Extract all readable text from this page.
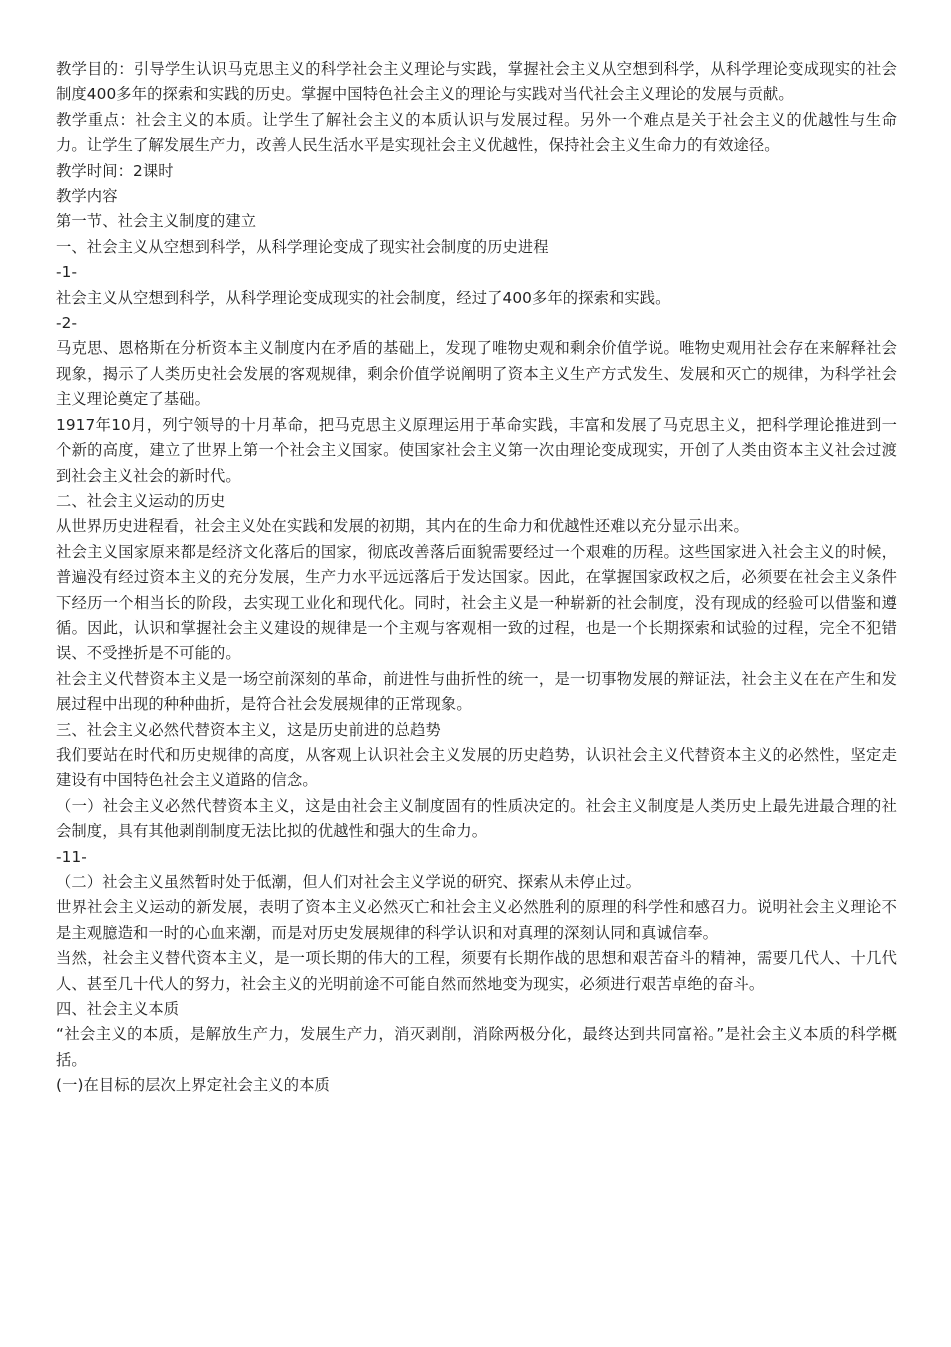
教学目的：引导学生认识马克思主义的科学社会主义理论与实践，掌握社会主义从空想到科学，从科学理论变成现实的社会制度400多年的探索和实践的历史。掌握中国特色社会主义的理论与实践对当代社会主义理论的发展与贡献。

教学重点：社会主义的本质。让学生了解社会主义的本质认识与发展过程。另外一个难点是关于社会主义的优越性与生命力。让学生了解发展生产力，改善人民生活水平是实现社会主义优越性，保持社会主义生命力的有效途径。

教学时间：2课时

教学内容

第一节、社会主义制度的建立

一、社会主义从空想到科学，从科学理论变成了现实社会制度的历史进程

-1-

社会主义从空想到科学，从科学理论变成现实的社会制度，经过了400多年的探索和实践。

-2-

马克思、恩格斯在分析资本主义制度内在矛盾的基础上，发现了唯物史观和剩余价值学说。唯物史观用社会存在来解释社会现象，揭示了人类历史社会发展的客观规律，剩余价值学说阐明了资本主义生产方式发生、发展和灭亡的规律，为科学社会主义理论奠定了基础。

1917年10月，列宁领导的十月革命，把马克思主义原理运用于革命实践，丰富和发展了马克思主义，把科学理论推进到一个新的高度，建立了世界上第一个社会主义国家。使国家社会主义第一次由理论变成现实，开创了人类由资本主义社会过渡到社会主义社会的新时代。

二、社会主义运动的历史

从世界历史进程看，社会主义处在实践和发展的初期，其内在的生命力和优越性还难以充分显示出来。

社会主义国家原来都是经济文化落后的国家，彻底改善落后面貌需要经过一个艰难的历程。这些国家进入社会主义的时候，普遍没有经过资本主义的充分发展，生产力水平远远落后于发达国家。因此，在掌握国家政权之后，必须要在社会主义条件下经历一个相当长的阶段，去实现工业化和现代化。同时，社会主义是一种崭新的社会制度，没有现成的经验可以借鉴和遵循。因此，认识和掌握社会主义建设的规律是一个主观与客观相一致的过程，也是一个长期探索和试验的过程，完全不犯错误、不受挫折是不可能的。

社会主义代替资本主义是一场空前深刻的革命，前进性与曲折性的统一，是一切事物发展的辩证法，社会主义在在产生和发展过程中出现的种种曲折，是符合社会发展规律的正常现象。

三、社会主义必然代替资本主义，这是历史前进的总趋势

我们要站在时代和历史规律的高度，从客观上认识社会主义发展的历史趋势，认识社会主义代替资本主义的必然性，坚定走建设有中国特色社会主义道路的信念。

（一）社会主义必然代替资本主义，这是由社会主义制度固有的性质决定的。社会主义制度是人类历史上最先进最合理的社会制度，具有其他剥削制度无法比拟的优越性和强大的生命力。

-11-

（二）社会主义虽然暂时处于低潮，但人们对社会主义学说的研究、探索从未停止过。

世界社会主义运动的新发展，表明了资本主义必然灭亡和社会主义必然胜利的原理的科学性和感召力。说明社会主义理论不是主观臆造和一时的心血来潮，而是对历史发展规律的科学认识和对真理的深刻认同和真诚信奉。

当然，社会主义替代资本主义，是一项长期的伟大的工程，须要有长期作战的思想和艰苦奋斗的精神，需要几代人、十几代人、甚至几十代人的努力，社会主义的光明前途不可能自然而然地变为现实，必须进行艰苦卓绝的奋斗。

四、社会主义本质

“社会主义的本质，是解放生产力，发展生产力，消灭剥削，消除两极分化，最终达到共同富裕。”是社会主义本质的科学概括。

(一)在目标的层次上界定社会主义的本质
